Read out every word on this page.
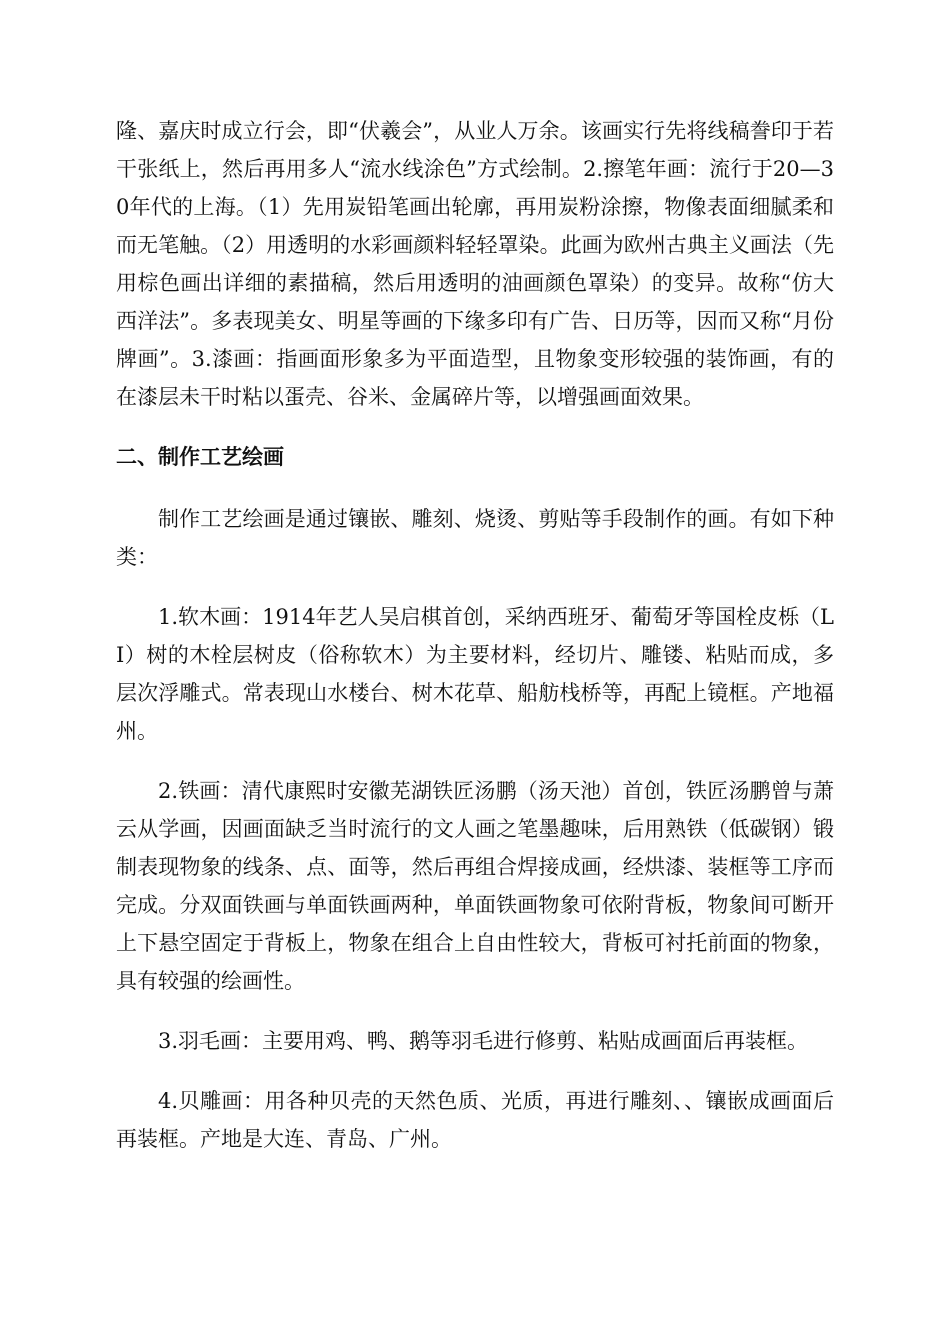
隆、嘉庆时成立行会，即“伏羲会”，从业人万余。该画实行先将线稿誊印于若干张纸上，然后再用多人“流水线涂色”方式绘制。2.擦笔年画：流行于20—30年代的上海。（1）先用炭铅笔画出轮廓，再用炭粉涂擦，物像表面细腻柔和而无笔触。（2）用透明的水彩画颜料轻轻罩染。此画为欧州古典主义画法（先用棕色画出详细的素描稿，然后用透明的油画颜色罩染）的变异。故称“仿大西洋法”。多表现美女、明星等画的下缘多印有广告、日历等，因而又称“月份牌画”。3.漆画：指画面形象多为平面造型，且物象变形较强的装饰画，有的在漆层未干时粘以蛋壳、谷米、金属碎片等，以增强画面效果。

二、制作工艺绘画

制作工艺绘画是通过镶嵌、雕刻、烧烫、剪贴等手段制作的画。有如下种类：

1.软木画：1914年艺人吴启棋首创，采纳西班牙、葡萄牙等国栓皮栎（LI）树的木栓层树皮（俗称软木）为主要材料，经切片、雕镂、粘贴而成，多层次浮雕式。常表现山水楼台、树木花草、船舫栈桥等，再配上镜框。产地福州。

2.铁画：清代康熙时安徽芜湖铁匠汤鹏（汤天池）首创，铁匠汤鹏曾与萧云从学画，因画面缺乏当时流行的文人画之笔墨趣味，后用熟铁（低碳钢）锻制表现物象的线条、点、面等，然后再组合焊接成画，经烘漆、装框等工序而完成。分双面铁画与单面铁画两种，单面铁画物象可依附背板，物象间可断开上下悬空固定于背板上，物象在组合上自由性较大，背板可衬托前面的物象，具有较强的绘画性。

3.羽毛画：主要用鸡、鸭、鹅等羽毛进行修剪、粘贴成画面后再装框。

4.贝雕画：用各种贝壳的天然色质、光质，再进行雕刻、、镶嵌成画面后再装框。产地是大连、青岛、广州。
